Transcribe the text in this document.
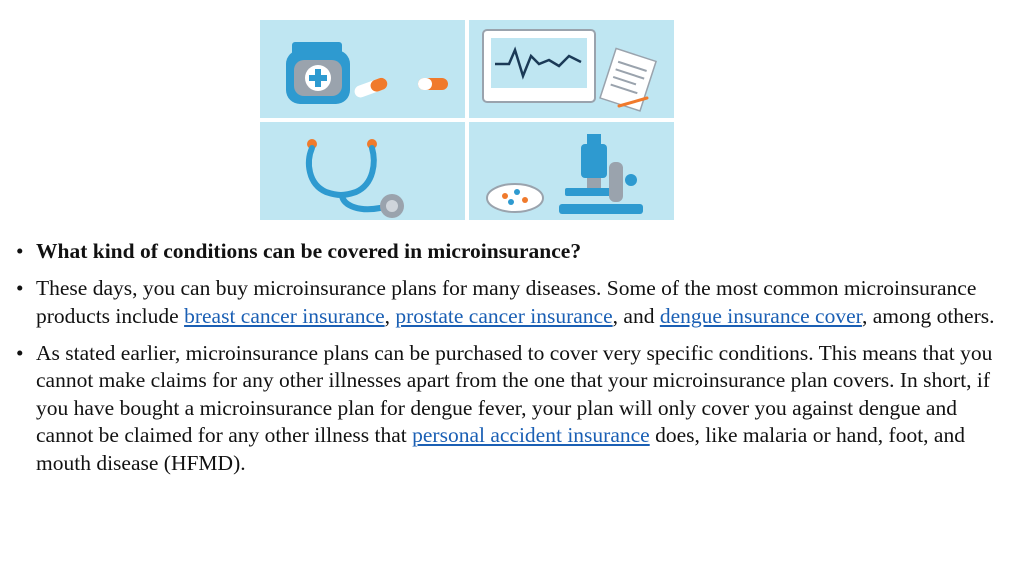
• What kind of conditions can be covered in microinsurance?
• These days, you can buy microinsurance plans for many diseases. Some of the most common microinsurance products include breast cancer insurance, prostate cancer insurance, and dengue insurance cover, among others.
• As stated earlier, microinsurance plans can be purchased to cover very specific conditions. This means that you cannot make claims for any other illnesses apart from the one that your microinsurance plan covers. In short, if you have bought a microinsurance plan for dengue fever, your plan will only cover you against dengue and cannot be claimed for any other illness that personal accident insurance does, like malaria or hand, foot, and mouth disease (HFMD).
